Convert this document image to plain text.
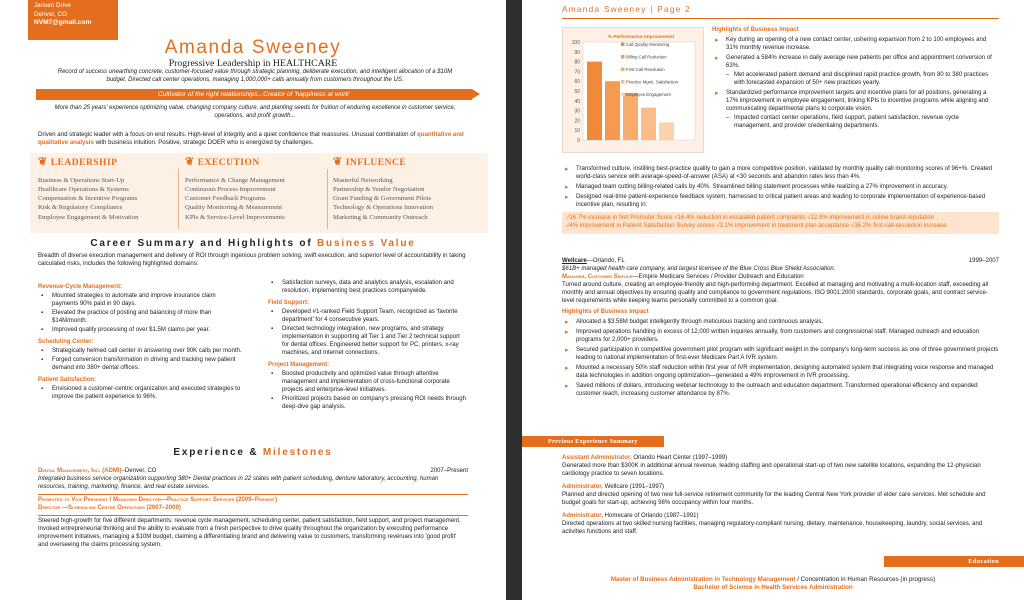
Jansen Drive
Denver, CO
NVM7@gmail.com
Amanda Sweeney
Progressive Leadership in HEALTHCARE
Record of success unearthing concrete, customer-focused value through strategic planning, deliberate execution, and intelligent allocation of a $10M budget. Directed call center operations, managing 1,000,000+ calls annually from customers throughout the US.
Cultivator of the right relationships...Creator of 'happiness at work'
More than 25 years' experience optimizing value, changing company culture, and planting seeds for fruition of enduring excellence in customer service, operations, and profit growth...
Driven and strategic leader with a focus on end results. High-level of integrity and a quiet confidence that reassures. Unusual combination of quantitative and qualitative analysis with business intuition. Positive, strategic DOER who is energized by challenges.
❦ LEADERSHIP
Business & Operations Start-Up
Healthcare Operations & Systems
Compensation & Incentive Programs
Risk & Regulatory Compliance
Employee Engagement & Motivation
❦ EXECUTION
Performance & Change Management
Continuous Process Improvement
Customer Feedback Programs
Quality Monitoring & Measurement
KPIs & Service-Level Improvements
❦ INFLUENCE
Masterful Networking
Partnership & Vendor Negotiation
Grant Funding & Government Pilots
Technology & Operations Innovation
Marketing & Community Outreach
Career Summary and Highlights of Business Value
Breadth of diverse execution management and delivery of ROI through ingenious problem solving, swift execution, and superior level of accountability in taking calculated risks, includes the following highlighted domains:
Revenue-Cycle Management:
▪ Mounted strategies to automate and improve insurance claim payments 90% paid in 90 days.
▪ Elevated the practice of posting and balancing of more than $14M/month.
▪ Improved quality processing of over $1.5M claims per year.
Scheduling Center:
▪ Strategically helmed call center in answering over 90K calls per month.
▪ Forged conversion transformation in driving and tracking new patient demand into 380+ dental offices.
Patient Satisfaction:
▪ Envisioned a customer-centric organization and executed strategies to improve the patient experience to 96%.
▪ Satisfaction surveys, data and analytics analysis, escalation and resolution, implementing best practices companywide.
Field Support:
▪ Developed #1-ranked Field Support Team, recognized as 'favorite department' for 4 consecutive years.
▪ Directed technology integration, new programs, and strategy implementation in supporting all Tier 1 and Tier 2 technical support for dental offices. Engineered better support for PC, printers, x-ray machines, and Internet connections.
Project Management:
▪ Boosted productivity and optimized value through attentive management and implementation of cross-functional corporate projects and enterprise-level initiatives.
▪ Prioritized projects based on company's pressing ROI needs through deep-dive gap analysis.
Experience & Milestones
Dental Management, Inc. (ADMI)–Denver, CO	2007–Present
Integrated business service organization supporting 380+ Dental practices in 22 states with patient scheduling, denture laboratory, accounting, human resources, training, marketing, finance, and real estate services.
Promoted to Vice President / Managing Director—Practice Support Services (2009–Present)
Director —Scheduling Center Operations (2007–2009)
Steered high-growth for five different departments: revenue cycle management, scheduling center, patient satisfaction, field support, and project management. Invoked entrepreneurial thinking and the ability to evaluate from a fresh perspective to drive quality throughout the organization by executing performance improvement initiatives, managing a $10M budget, claiming a differentiating brand and delivering value to customers, transforming revenues into 'good profit' and overseeing the claims processing system.
Amanda Sweeney | Page 2
100
90
80
70
60
50
40
30
20
10
0
% Performance Improvement
Call Quality Monitoring
Billing Call Reduction
First-Call Resolution
Practice Mgmt. Satisfaction
Employee Engagement
Highlights of Business Impact
▸ Key during an opening of a new contact center, ushering expansion from 2 to 100 employees and 31% monthly revenue increase.
▸ Generated a 584% increase in daily average new patients per office and appointment conversion of 63%.
– Met accelerated patient demand and disciplined rapid practice growth, from 80 to 380 practices with forecasted expansion of 50+ new practices yearly.
▸ Standardized performance improvement targets and incentive plans for all positions, generating a 17% improvement in employee engagement, linking KPIs to incentive programs while aligning and communicating departmental plans to corporate vision.
– Impacted contact center operations, field support, patient satisfaction, revenue cycle management, and provider credentialing departments.
▸ Transformed culture, instilling best-practice quality to gain a more competitive position, validated by monthly quality call monitoring scores of 96+%. Created world-class service with average-speed-of-answer (ASA) at <30 seconds and abandon rates less than 4%.
▸ Managed team cutting billing-related calls by 40%. Streamlined billing statement processes while realizing a 27% improvement in accuracy.
▸ Designed real-time patient-experience feedback system, harnessed to critical patient areas and leading to corporate implementation of experience-based incentive plan, resulting in:
√16.7% increase in Net Promoter Score √16.4% reduction in escalated patient complaints √12.9% improvement in online brand reputation
√4% improvement in Patient Satisfaction Survey scores √3.1% improvement in treatment plan acceptance √36.2% first-call-resolution increase
Wellcare—Orlando, FL	1999–2007
$61B+ managed health care company, and largest licensee of the Blue Cross Blue Shield Association.
Manager, Customer Service—Empire Medicare Services / Provider Outreach and Education
Turned around culture, creating an employee-friendly and high-performing department. Excelled at managing and motivating a multi-location staff, exceeding all monthly and annual objectives by ensuring quality and compliance to government regulations, ISO 9001:2000 standards, corporate goals, and contract service-level requirements while keeping teams personally committed to a common goal.
Highlights of Business Impact
▸ Allocated a $3.58M budget intelligently through meticulous tracking and continuous analysis.
▸ Improved operations handling in excess of 12,000 written inquiries annually, from customers and congressional staff. Managed outreach and education programs for 2,000+ providers.
▸ Secured participation in competitive government pilot program with significant weight in the company's long-term success as one of three government projects leading to national implementation of first-ever Medicare Part A IVR system.
▸ Mounted a necessary 50% staff reduction within first year of IVR implementation, designing automated system that integrating voice response and managed data technologies in addition ongoing optimization—generated a 49% improvement in IVR processing.
▸ Saved millions of dollars, introducing webinar technology to the outreach and education department. Transformed operational efficiency and expanded customer reach, increasing customer attendance by 87%.
Previous Experience Summary
Assistant Administrator, Orlando Heart Center (1997–1999)
Generated more than $300K in additional annual revenue, leading staffing and operational start-up of two new satellite locations, expanding the 12-physician cardiology practice to seven locations.
Administrator, Wellcare (1991–1997)
Planned and directed opening of two new full-service retirement community for the leading Central New York provider of elder care services. Met schedule and budget goals for start-up, achieving 98% occupancy within four months.
Administrator, Homecare of Orlando (1987–1991)
Directed operations at two skilled nursing facilities, managing regulatory-compliant nursing, dietary, maintenance, housekeeping, laundry, social services, and activities functions and staff.
Education
Master of Business Administration in Technology Management / Concentration in Human Resources (in progress)
Bachelor of Science in Health Services Administration
